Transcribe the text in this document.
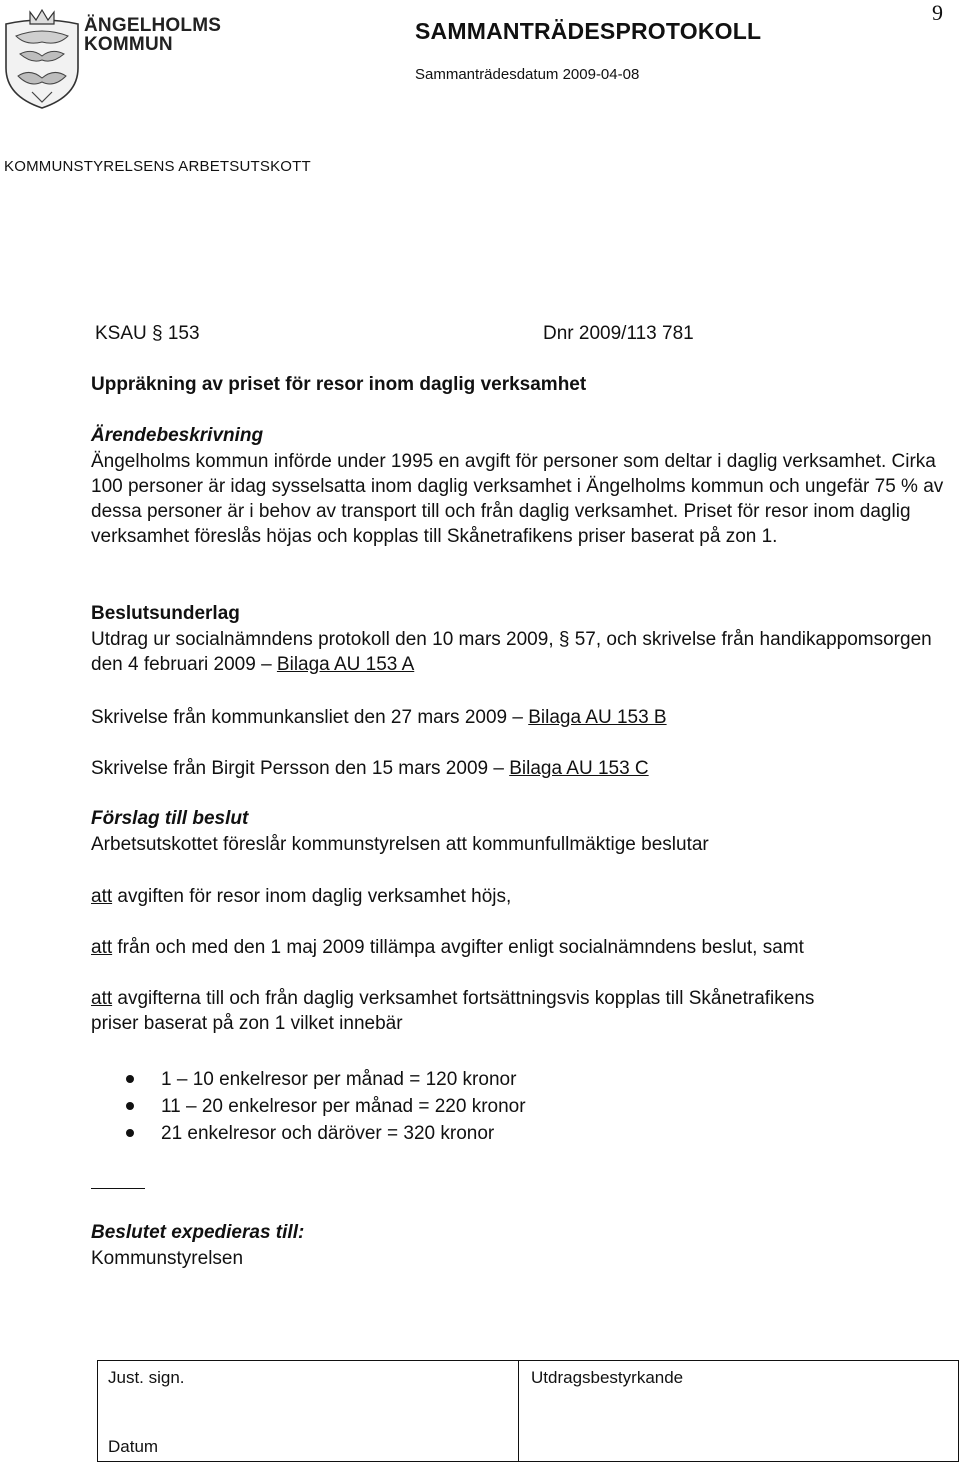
ÄNGELHOLMS
KOMMUN
9
SAMMANTRÄDESPROTOKOLL
Sammanträdesdatum 2009-04-08
KOMMUNSTYRELSENS ARBETSUTSKOTT
KSAU § 153	Dnr 2009/113 781
Uppräkning av priset för resor inom daglig verksamhet
Ärendebeskrivning
Ängelholms kommun införde under 1995 en avgift för personer som deltar i daglig verksamhet. Cirka 100 personer är idag sysselsatta inom daglig verksamhet i Ängelholms kommun och ungefär 75 % av dessa personer är i behov av transport till och från daglig verksamhet. Priset för resor inom daglig verksamhet föreslås höjas och kopplas till Skånetrafikens priser baserat på zon 1.
Beslutsunderlag
Utdrag ur socialnämndens protokoll den 10 mars 2009, § 57, och skrivelse från handikappomsorgen den 4 februari 2009 – Bilaga AU 153 A
Skrivelse från kommunkansliet den 27 mars 2009 – Bilaga AU 153 B
Skrivelse från Birgit Persson den 15 mars 2009 – Bilaga AU 153 C
Förslag till beslut
Arbetsutskottet föreslår kommunstyrelsen att kommunfullmäktige beslutar
att avgiften för resor inom daglig verksamhet höjs,
att från och med den 1 maj 2009 tillämpa avgifter enligt socialnämndens beslut, samt
att avgifterna till och från daglig verksamhet fortsättningsvis kopplas till Skånetrafikens priser baserat på zon 1 vilket innebär
1 – 10 enkelresor per månad = 120 kronor
11 – 20 enkelresor per månad = 220 kronor
21 enkelresor och däröver = 320 kronor
Beslutet expedieras till:
Kommunstyrelsen
Just. sign.
Datum
Utdragsbestyrkande
